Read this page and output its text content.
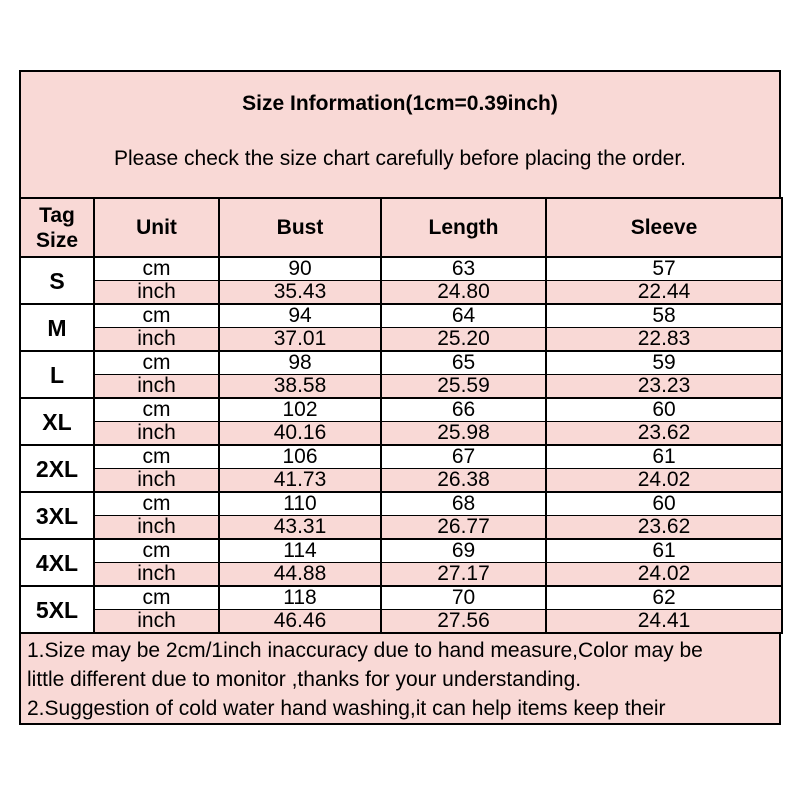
Size Information(1cm=0.39inch)
Please check the size chart carefully before placing the order.
Tag Size	Unit	Bust	Length	Sleeve
S	cm	90	63	57
	inch	35.43	24.80	22.44
M	cm	94	64	58
	inch	37.01	25.20	22.83
L	cm	98	65	59
	inch	38.58	25.59	23.23
XL	cm	102	66	60
	inch	40.16	25.98	23.62
2XL	cm	106	67	61
	inch	41.73	26.38	24.02
3XL	cm	110	68	60
	inch	43.31	26.77	23.62
4XL	cm	114	69	61
	inch	44.88	27.17	24.02
5XL	cm	118	70	62
	inch	46.46	27.56	24.41
1.Size may be 2cm/1inch inaccuracy due to hand measure,Color may be
little different due to monitor ,thanks for your understanding.
2.Suggestion of cold water hand washing,it can help items keep their
